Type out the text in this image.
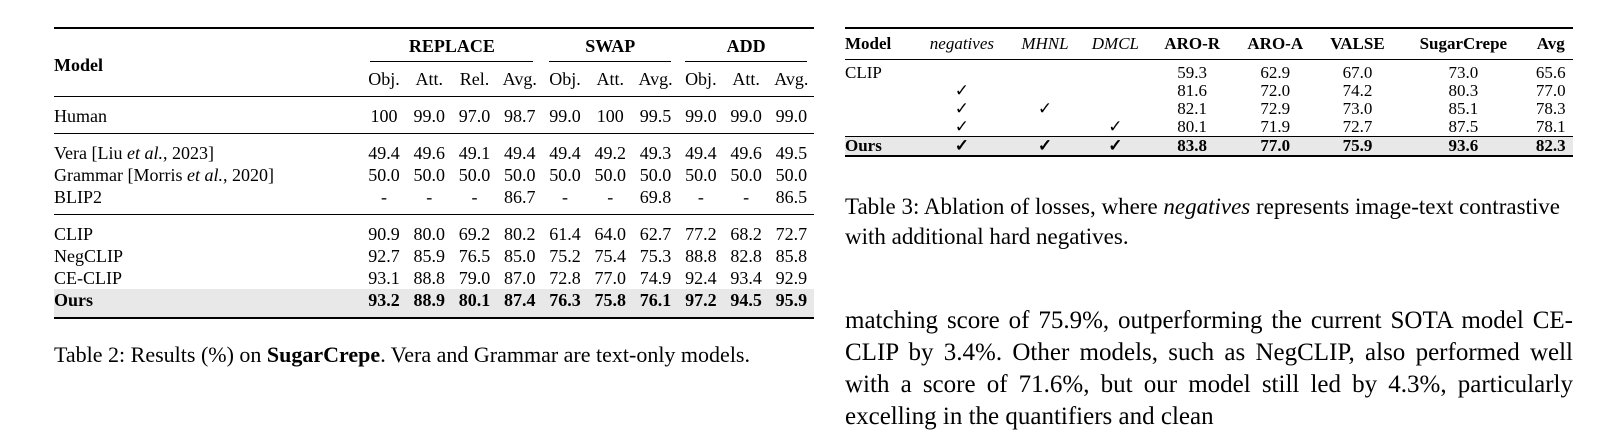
Model	REPLACE				SWAP			ADD		
	Obj.	Att.	Rel.	Avg.	Obj.	Att.	Avg.	Obj.	Att.	Avg.
Human	100	99.0	97.0	98.7	99.0	100	99.5	99.0	99.0	99.0
Vera [Liu et al., 2023]	49.4	49.6	49.1	49.4	49.4	49.2	49.3	49.4	49.6	49.5
Grammar [Morris et al., 2020]	50.0	50.0	50.0	50.0	50.0	50.0	50.0	50.0	50.0	50.0
BLIP2	-	-	-	86.7	-	-	69.8	-	-	86.5
CLIP	90.9	80.0	69.2	80.2	61.4	64.0	62.7	77.2	68.2	72.7
NegCLIP	92.7	85.9	76.5	85.0	75.2	75.4	75.3	88.8	82.8	85.8
CE-CLIP	93.1	88.8	79.0	87.0	72.8	77.0	74.9	92.4	93.4	92.9
Ours	93.2	88.9	80.1	87.4	76.3	75.8	76.1	97.2	94.5	95.9
Table 2: Results (%) on SugarCrepe. Vera and Grammar are text-only models.
Model	negatives	MHNL	DMCL	ARO-R	ARO-A	VALSE	SugarCrepe	Avg
CLIP				59.3	62.9	67.0	73.0	65.6
	✓			81.6	72.0	74.2	80.3	77.0
	✓	✓		82.1	72.9	73.0	85.1	78.3
	✓		✓	80.1	71.9	72.7	87.5	78.1
Ours	✓	✓	✓	83.8	77.0	75.9	93.6	82.3
Table 3: Ablation of losses, where negatives represents image-text contrastive with additional hard negatives.
matching score of 75.9%, outperforming the current SOTA model CE-CLIP by 3.4%. Other models, such as NegCLIP, also performed well with a score of 71.6%, but our model still led by 4.3%, particularly excelling in the quantifiers and clean
